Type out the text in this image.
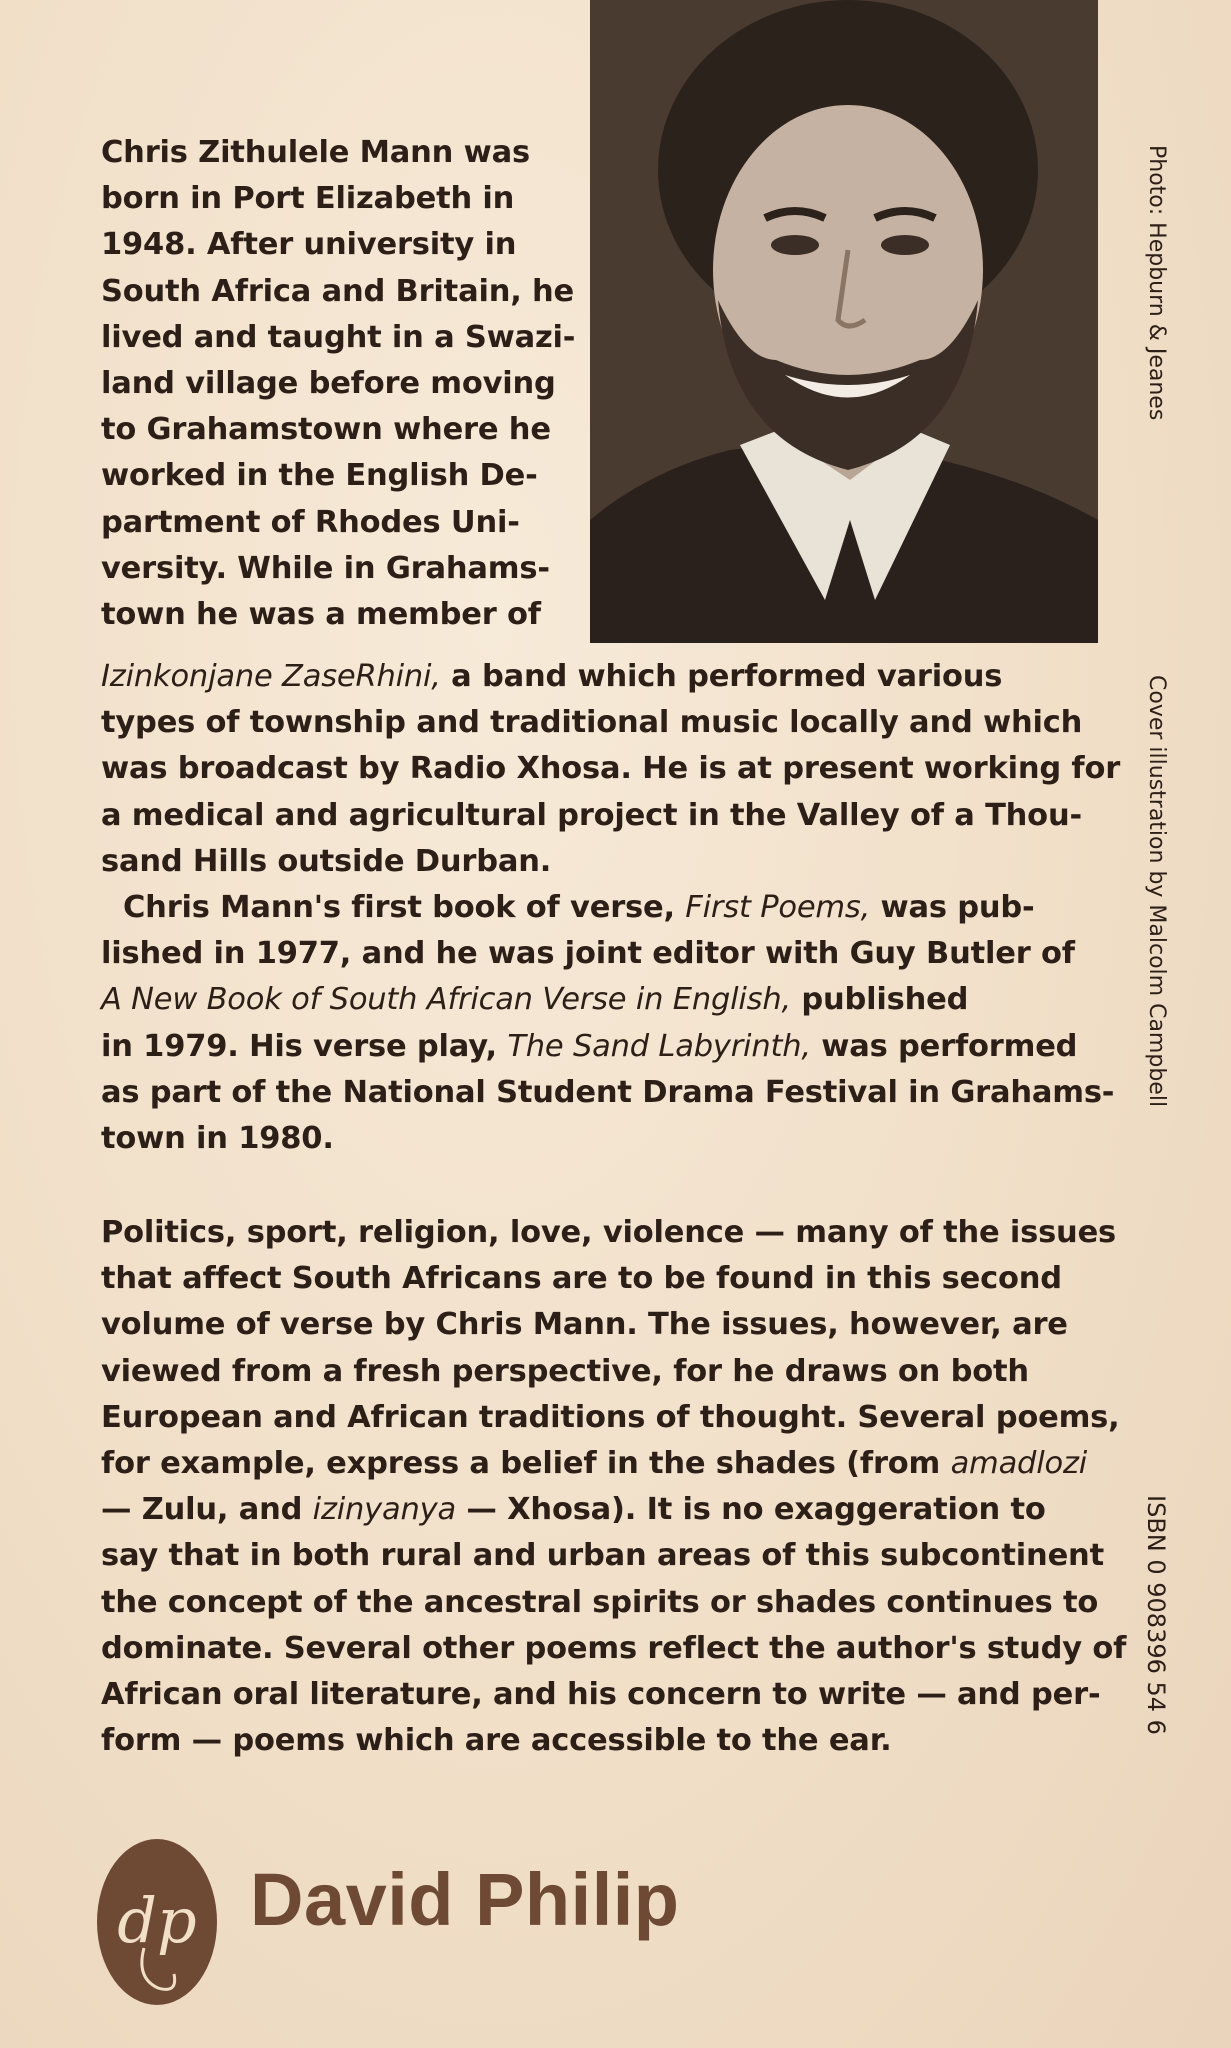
Chris Zithulele Mann was
born in Port Elizabeth in
1948. After university in
South Africa and Britain, he
lived and taught in a Swazi-
land village before moving
to Grahamstown where he
worked in the English De-
partment of Rhodes Uni-
versity. While in Grahams-
town he was a member of

Izinkonjane ZaseRhini, a band which performed various
types of township and traditional music locally and which
was broadcast by Radio Xhosa. He is at present working for
a medical and agricultural project in the Valley of a Thou-
sand Hills outside Durban.
Chris Mann's first book of verse, First Poems, was pub-
lished in 1977, and he was joint editor with Guy Butler of
A New Book of South African Verse in English, published
in 1979. His verse play, The Sand Labyrinth, was performed
as part of the National Student Drama Festival in Grahams-
town in 1980.

Politics, sport, religion, love, violence — many of the issues
that affect South Africans are to be found in this second
volume of verse by Chris Mann. The issues, however, are
viewed from a fresh perspective, for he draws on both
European and African traditions of thought. Several poems,
for example, express a belief in the shades (from amadlozi
— Zulu, and izinyanya — Xhosa). It is no exaggeration to
say that in both rural and urban areas of this subcontinent
the concept of the ancestral spirits or shades continues to
dominate. Several other poems reflect the author's study of
African oral literature, and his concern to write — and per-
form — poems which are accessible to the ear.

Photo: Hepburn & Jeanes
Cover illustration by Malcolm Campbell
ISBN 0 908396 54 6
dp David Philip
